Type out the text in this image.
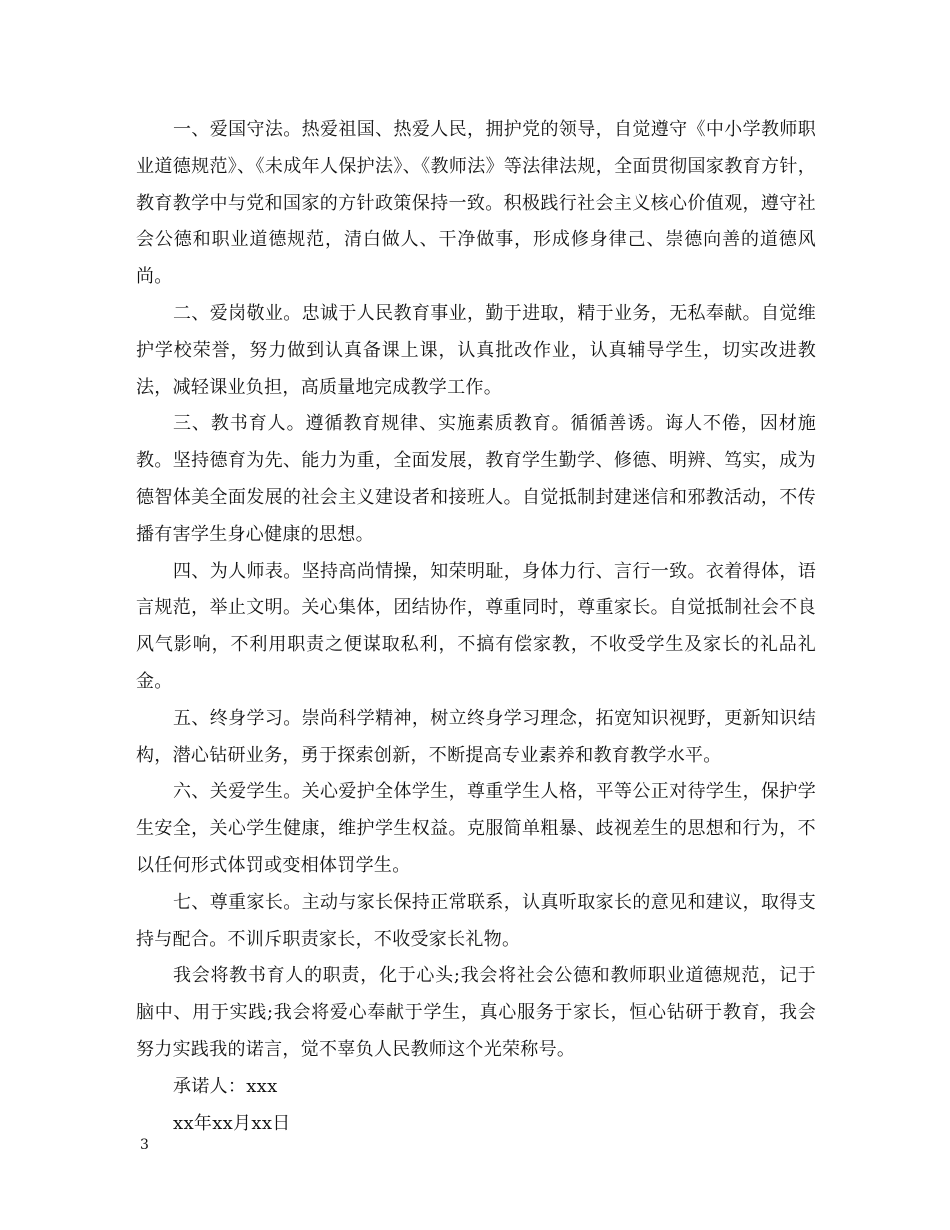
一、爱国守法。热爱祖国、热爱人民，拥护党的领导，自觉遵守《中小学教师职业道德规范》、《未成年人保护法》、《教师法》等法律法规，全面贯彻国家教育方针，教育教学中与党和国家的方针政策保持一致。积极践行社会主义核心价值观，遵守社会公德和职业道德规范，清白做人、干净做事，形成修身律己、崇德向善的道德风尚。

二、爱岗敬业。忠诚于人民教育事业，勤于进取，精于业务，无私奉献。自觉维护学校荣誉，努力做到认真备课上课，认真批改作业，认真辅导学生，切实改进教法，减轻课业负担，高质量地完成教学工作。

三、教书育人。遵循教育规律、实施素质教育。循循善诱。诲人不倦，因材施教。坚持德育为先、能力为重，全面发展，教育学生勤学、修德、明辨、笃实，成为德智体美全面发展的社会主义建设者和接班人。自觉抵制封建迷信和邪教活动，不传播有害学生身心健康的思想。

四、为人师表。坚持高尚情操，知荣明耻，身体力行、言行一致。衣着得体，语言规范，举止文明。关心集体，团结协作，尊重同时，尊重家长。自觉抵制社会不良风气影响，不利用职责之便谋取私利，不搞有偿家教，不收受学生及家长的礼品礼金。

五、终身学习。崇尚科学精神，树立终身学习理念，拓宽知识视野，更新知识结构，潜心钻研业务，勇于探索创新，不断提高专业素养和教育教学水平。

六、关爱学生。关心爱护全体学生，尊重学生人格，平等公正对待学生，保护学生安全，关心学生健康，维护学生权益。克服简单粗暴、歧视差生的思想和行为，不以任何形式体罚或变相体罚学生。

七、尊重家长。主动与家长保持正常联系，认真听取家长的意见和建议，取得支持与配合。不训斥职责家长，不收受家长礼物。

我会将教书育人的职责，化于心头;我会将社会公德和教师职业道德规范，记于脑中、用于实践;我会将爱心奉献于学生，真心服务于家长，恒心钻研于教育，我会努力实践我的诺言，觉不辜负人民教师这个光荣称号。

承诺人：xxx

xx年xx月xx日

3
